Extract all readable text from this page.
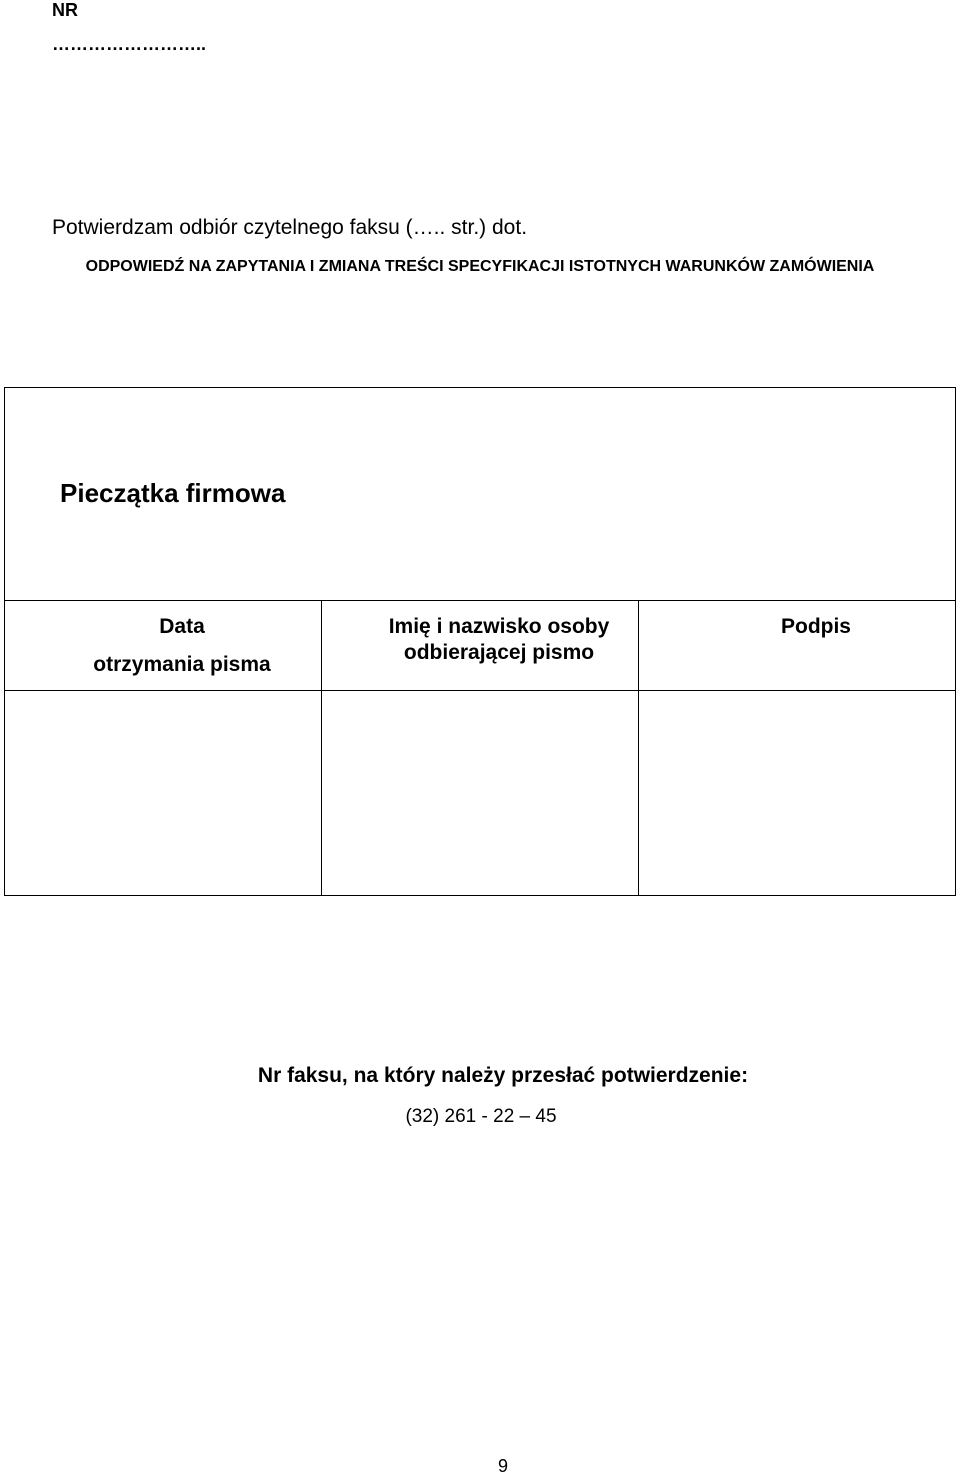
NR
……………………..
Potwierdzam odbiór czytelnego faksu (….. str.) dot.
ODPOWIEDŹ NA ZAPYTANIA I ZMIANA TREŚCI SPECYFIKACJI ISTOTNYCH WARUNKÓW ZAMÓWIENIA
Pieczątka firmowa
Data
otrzymania pisma
Imię i nazwisko osoby
odbierającej pismo
Podpis
Nr faksu, na który należy przesłać potwierdzenie:
(32) 261 - 22 – 45
9
